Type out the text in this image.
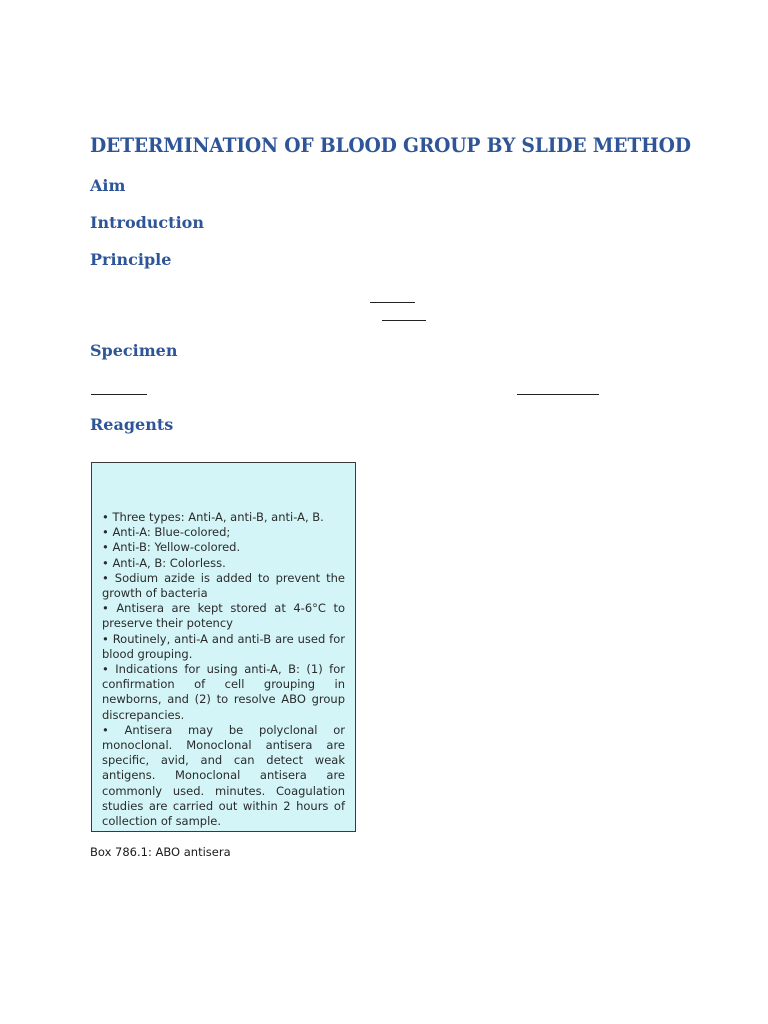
DETERMINATION OF BLOOD GROUP BY SLIDE METHOD
Aim
Introduction
Principle
Specimen
Reagents
• Three types: Anti-A, anti-B, anti-A, B.
• Anti-A: Blue-colored;
• Anti-B: Yellow-colored.
• Anti-A, B: Colorless.
• Sodium azide is added to prevent the growth of bacteria
• Antisera are kept stored at 4-6°C to preserve their potency
• Routinely, anti-A and anti-B are used for blood grouping.
• Indications for using anti-A, B: (1) for confirmation of cell grouping in newborns, and (2) to resolve ABO group discrepancies.
• Antisera may be polyclonal or monoclonal. Monoclonal antisera are specific, avid, and can detect weak antigens. Monoclonal antisera are commonly used. minutes. Coagulation studies are carried out within 2 hours of collection of sample.

Box 786.1: ABO antisera
